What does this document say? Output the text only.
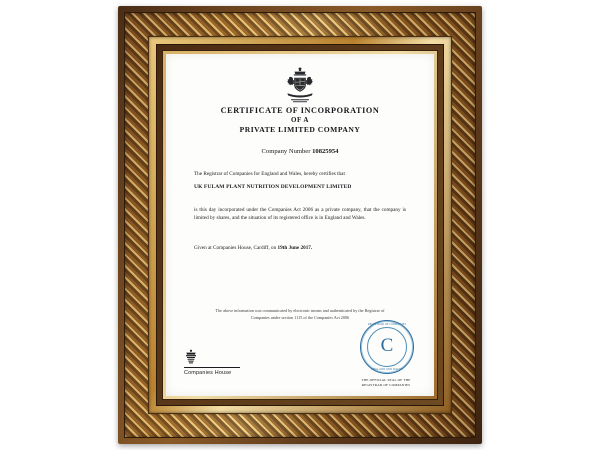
CERTIFICATE OF INCORPORATION
OF A
PRIVATE LIMITED COMPANY
Company Number 10825954
The Registrar of Companies for England and Wales, hereby certifies that
UK FULAM PLANT NUTRITION DEVELOPMENT LIMITED
is this day incorporated under the Companies Act 2006 as a private company, that the company is limited by shares, and the situation of its registered office is in England and Wales.
Given at Companies House, Cardiff, on 19th June 2017.
The above information was communicated by electronic means and authenticated by the Registrar of Companies under section 1115 of the Companies Act 2006
REGISTRAR OF COMPANIES
C
ENGLAND AND WALES
THE OFFICIAL SEAL OF THE
REGISTRAR OF COMPANIES
Companies House
